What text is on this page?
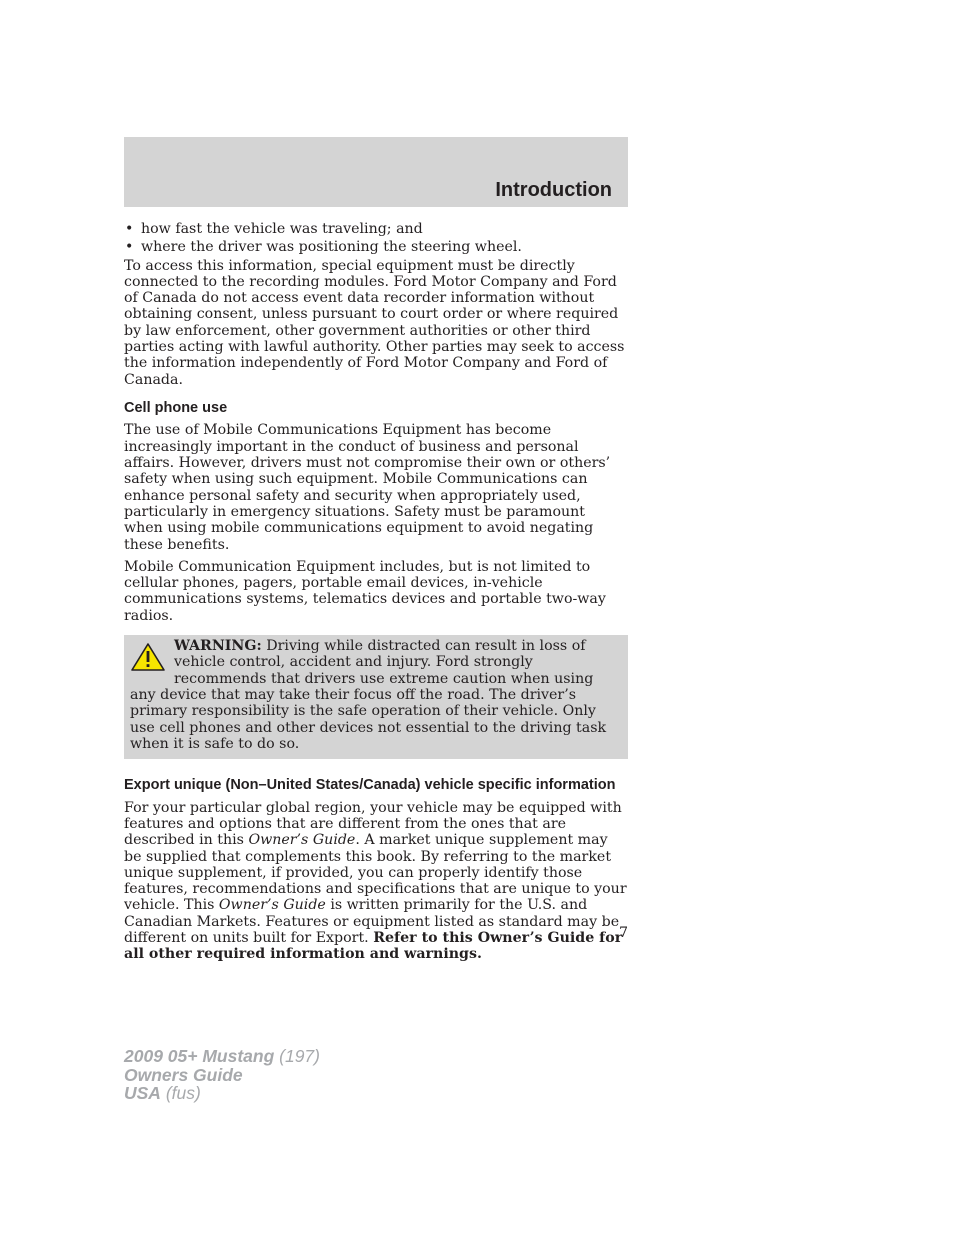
Introduction
• how fast the vehicle was traveling; and
• where the driver was positioning the steering wheel.

To access this information, special equipment must be directly connected to the recording modules. Ford Motor Company and Ford of Canada do not access event data recorder information without obtaining consent, unless pursuant to court order or where required by law enforcement, other government authorities or other third parties acting with lawful authority. Other parties may seek to access the information independently of Ford Motor Company and Ford of Canada.

Cell phone use

The use of Mobile Communications Equipment has become increasingly important in the conduct of business and personal affairs. However, drivers must not compromise their own or others’ safety when using such equipment. Mobile Communications can enhance personal safety and security when appropriately used, particularly in emergency situations. Safety must be paramount when using mobile communications equipment to avoid negating these benefits.

Mobile Communication Equipment includes, but is not limited to cellular phones, pagers, portable email devices, in-vehicle communications systems, telematics devices and portable two-way radios.

WARNING: Driving while distracted can result in loss of vehicle control, accident and injury. Ford strongly recommends that drivers use extreme caution when using any device that may take their focus off the road. The driver’s primary responsibility is the safe operation of their vehicle. Only use cell phones and other devices not essential to the driving task when it is safe to do so.
Export unique (Non–United States/Canada) vehicle specific information

For your particular global region, your vehicle may be equipped with features and options that are different from the ones that are described in this Owner’s Guide. A market unique supplement may be supplied that complements this book. By referring to the market unique supplement, if provided, you can properly identify those features, recommendations and specifications that are unique to your vehicle. This Owner’s Guide is written primarily for the U.S. and Canadian Markets. Features or equipment listed as standard may be different on units built for Export. Refer to this Owner’s Guide for all other required information and warnings.

7
2009 05+ Mustang (197)
Owners Guide
USA (fus)
